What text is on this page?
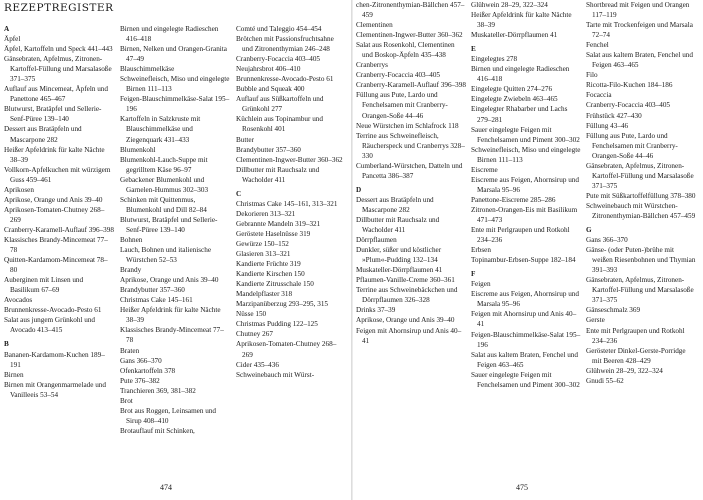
REZEPTREGISTER
A
Äpfel
Äpfel, Kartoffeln und Speck 441–443
Gänsebraten, Apfelmus, Zitronen-Kartoffel-Füllung und Marsalasoße 371–375
Auflauf aus Mincemeat, Äpfeln und Panettone 465–467
Blutwurst, Bratäpfel und Sellerie-Senf-Püree 139–140
Dessert aus Bratäpfeln und Mascarpone 282
Heißer Apfeldrink für kalte Nächte 38–39
Vollkorn-Apfelkuchen mit würzigem Guss 459–461
Aprikosen
Aprikose, Orange und Anis 39–40
Aprikosen-Tomaten-Chutney 268–269
Cranberry-Karamell-Auflauf 396–398
Klassisches Brandy-Mincemeat 77–78
Quitten-Kardamom-Mincemeat 78–80
Auberginen mit Linsen und Basilikum 67–69
Avocados
Brunnenkresse-Avocado-Pesto 61
Salat aus jungem Grünkohl und Avocado 413–415
B
Bananen-Kardamom-Kuchen 189–191
Birnen
Birnen mit Orangenmarmelade und Vanilleeis 53–54
Birnen und eingelegte Radieschen 416–418
Birnen, Nelken und Orangen-Granita 47–49
Blauschimmelkäse
Schweinefleisch, Miso und eingelegte Birnen 111–113
Feigen-Blauschimmelkäse-Salat 195–196
Kartoffeln in Salzkruste mit Blauschimmelkäse und Ziegenquark 431–433
Blumenkohl
Blumenkohl-Lauch-Suppe mit gegrilltem Käse 96–97
Gebackener Blumenkohl und Garnelen-Hummus 302–303
Schinken mit Quittenmus, Blumenkohl und Dill 82–84
Blutwurst, Bratäpfel und Sellerie-Senf-Püree 139–140
Bohnen
Lauch, Bohnen und italienische Würstchen 52–53
Brandy
Aprikose, Orange und Anis 39–40
Brandybutter 357–360
Christmas Cake 145–161
Heißer Apfeldrink für kalte Nächte 38–39
Klassisches Brandy-Mincemeat 77–78
Braten
Gans 366–370
Ofenkartoffeln 378
Pute 376–382
Tranchieren 369, 381–382
Brot
Brot aus Roggen, Leinsamen und Sirup 408–410
Brotauflauf mit Schinken,
Comté und Taleggio 454–454
Brötchen mit Passionsfruchtsahne und Zitronenthymian 246–248
Cranberry-Focaccia 403–405
Neujahrsbrot 406–410
Brunnenkresse-Avocado-Pesto 61
Bubble and Squeak 400
Auflauf aus Süßkartoffeln und Grünkohl 277
Küchlein aus Topinambur und Rosenkohl 401
Butter
Brandybutter 357–360
Clementinen-Ingwer-Butter 360–362
Dillbutter mit Rauchsalz und Wacholder 411
C
Christmas Cake 145–161, 313–321
Dekorieren 313–321
Gebrannte Mandeln 319–321
Geröstete Haselnüsse 319
Gewürze 150–152
Glasieren 313–321
Kandierte Früchte 319
Kandierte Kirschen 150
Kandierte Zitrusschale 150
Mandelpflaster 318
Marzipanüberzug 293–295, 315
Nüsse 150
Christmas Pudding 122–125
Chutney 267
Aprikosen-Tomaten-Chutney 268–269
Cider 435–436
Schweinebauch mit Würst-
474
chen-Zitronenthymian-Bällchen 457–459
Clementinen
Clementinen-Ingwer-Butter 360–362
Salat aus Rosenkohl, Clementinen und Boskop-Äpfeln 435–438
Cranberrys
Cranberry-Focaccia 403–405
Cranberry-Karamell-Auflauf 396–398
Füllung aus Pute, Lardo und Fenchelsamen mit Cranberry-Orangen-Soße 44–46
Neue Würstchen im Schlafrock 118
Terrine aus Schweinefleisch, Räucherspeck und Cranberrys 328–330
Cumberland-Würstchen, Datteln und Pancetta 386–387
D
Dessert aus Bratäpfeln und Mascarpone 282
Dillbutter mit Rauchsalz und Wacholder 411
Dörrpflaumen
Dunkler, süßer und köstlicher »Plum«-Pudding 132–134
Muskateller-Dörrpflaumen 41
Pflaumen-Vanille-Creme 360–361
Terrine aus Schweinebäckchen und Dörrpflaumen 326–328
Drinks 37–39
Aprikose, Orange und Anis 39–40
Feigen mit Ahornsirup und Anis 40–41
Glühwein 28–29, 322–324
Heißer Apfeldrink für kalte Nächte 38–39
Muskateller-Dörrpflaumen 41
E
Eingelegtes 278
Birnen und eingelegte Radieschen 416–418
Eingelegte Quitten 274–276
Eingelegte Zwiebeln 463–465
Eingelegter Rhabarber und Lachs 279–281
Sauer eingelegte Feigen mit Fenchelsamen und Piment 300–302
Schweinefleisch, Miso und eingelegte Birnen 111–113
Eiscreme
Eiscreme aus Feigen, Ahornsirup und Marsala 95–96
Panettone-Eiscreme 285–286
Zitronen-Orangen-Eis mit Basilikum 471–473
Ente mit Perlgraupen und Rotkohl 234–236
Erbsen
Topinambur-Erbsen-Suppe 182–184
F
Feigen
Eiscreme aus Feigen, Ahornsirup und Marsala 95–96
Feigen mit Ahornsirup und Anis 40–41
Feigen-Blauschimmelkäse-Salat 195–196
Salat aus kaltem Braten, Fenchel und Feigen 463–465
Sauer eingelegte Feigen mit Fenchelsamen und Piment 300–302
Shortbread mit Feigen und Orangen 117–119
Tarte mit Trockenfeigen und Marsala 72–74
Fenchel
Salat aus kaltem Braten, Fenchel und Feigen 463–465
Filo
Ricotta-Filo-Kuchen 184–186
Focaccia
Cranberry-Focaccia 403–405
Frühstück 427–430
Füllung 43–46
Füllung aus Pute, Lardo und Fenchelsamen mit Cranberry-Orangen-Soße 44–46
Gänsebraten, Apfelmus, Zitronen-Kartoffel-Füllung und Marsalasoße 371–375
Pute mit Süßkartoffelfüllung 378–380
Schweinebauch mit Würstchen-Zitronenthymian-Bällchen 457–459
G
Gans 366–370
Gänse- (oder Puten-)brühe mit weißen Riesenbohnen und Thymian 391–393
Gänsebraten, Apfelmus, Zitronen-Kartoffel-Füllung und Marsalasoße 371–375
Gänseschmalz 369
Gerste
Ente mit Perlgraupen und Rotkohl 234–236
Gerösteter Dinkel-Gerste-Porridge mit Beeren 428–429
Glühwein 28–29, 322–324
Gnudi 55–62
475
